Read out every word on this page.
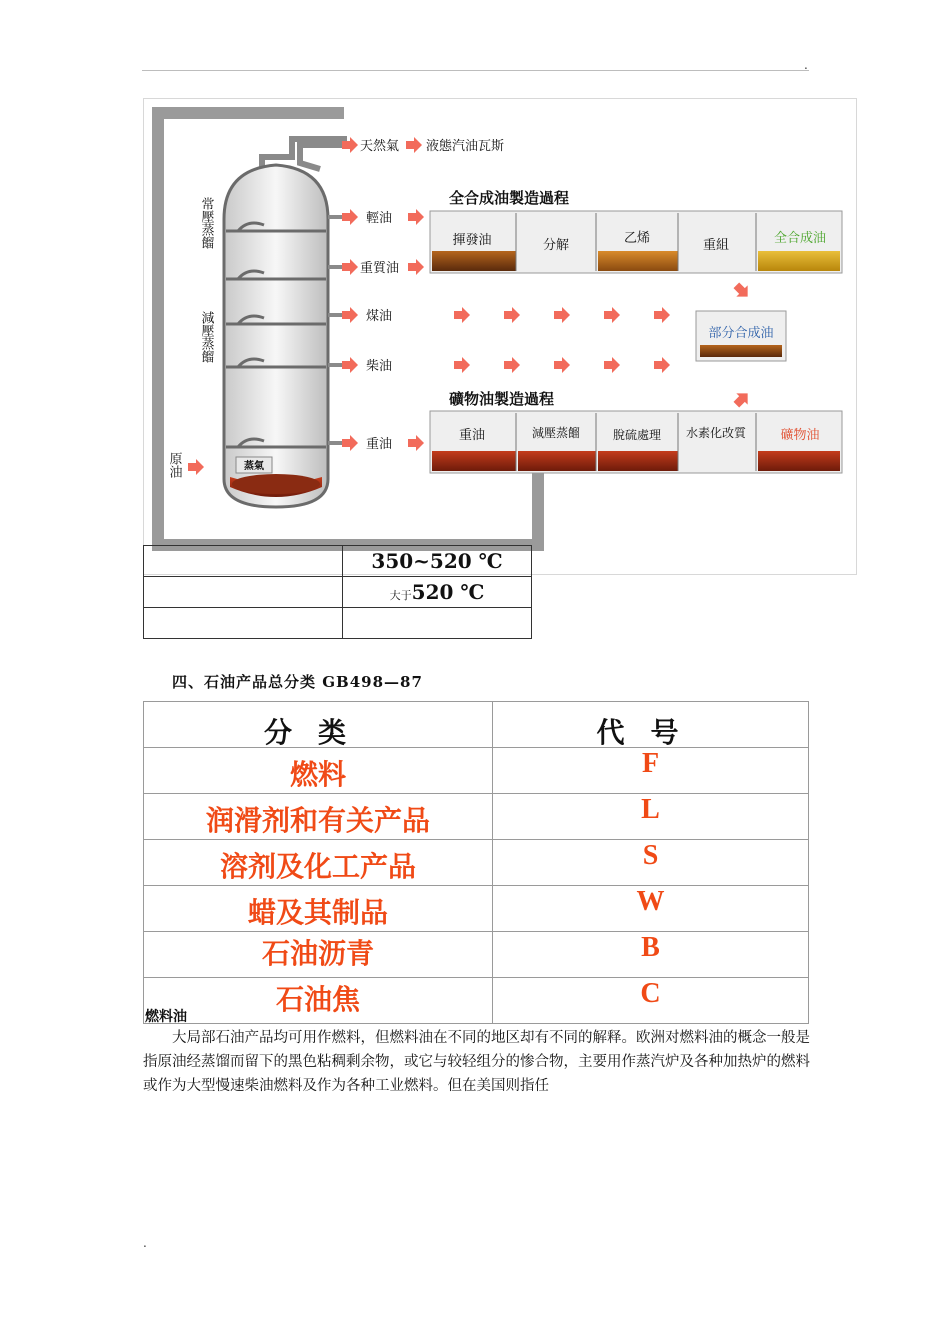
.
蒸氣
常壓蒸餾
減壓蒸餾
原油
天然氣 液態汽油瓦斯
輕油
重質油
煤油
柴油
重油
全合成油製造過程
揮發油	分解	乙烯	重組	全合成油
部分合成油
礦物油製造過程
重油	減壓蒸餾	脫硫處理 水素化改質	礦物油
	350~520 ℃
	大于520 ℃

四、石油产品总分类 GB498—87
分类	代号
燃料	F
润滑剂和有关产品	L
溶剂及化工产品	S
蜡及其制品	W
石油沥青	B
石油焦	C
燃料油
大局部石油产品均可用作燃料，但燃料油在不同的地区却有不同的解释。欧洲对燃料油的概念一般是指原油经蒸馏而留下的黑色粘稠剩余物，或它与较轻组分的惨合物，主要用作蒸汽炉及各种加热炉的燃料或作为大型慢速柴油燃料及作为各种工业燃料。但在美国则指任
.
